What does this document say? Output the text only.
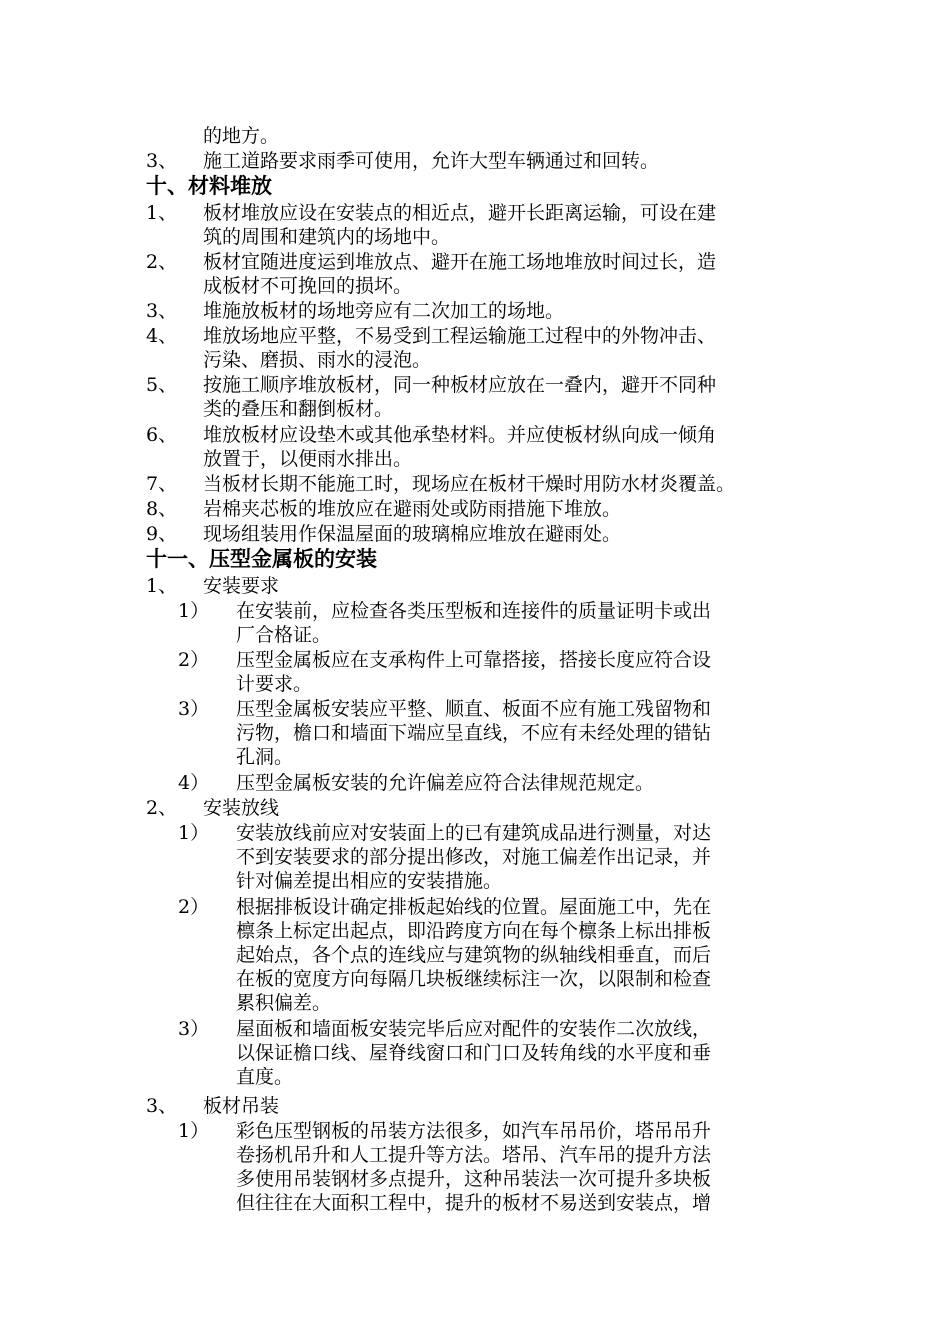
的地方。
3、 施工道路要求雨季可使用，允许大型车辆通过和回转。
十、材料堆放
1、 板材堆放应设在安装点的相近点，避开长距离运输，可设在建
筑的周围和建筑内的场地中。
2、 板材宜随进度运到堆放点、避开在施工场地堆放时间过长，造
成板材不可挽回的损坏。
3、 堆施放板材的场地旁应有二次加工的场地。
4、 堆放场地应平整，不易受到工程运输施工过程中的外物冲击、
污染、磨损、雨水的浸泡。
5、 按施工顺序堆放板材，同一种板材应放在一叠内，避开不同种
类的叠压和翻倒板材。
6、 堆放板材应设垫木或其他承垫材料。并应使板材纵向成一倾角
放置于，以便雨水排出。
7、 当板材长期不能施工时，现场应在板材干燥时用防水材炎覆盖。
8、 岩棉夹芯板的堆放应在避雨处或防雨措施下堆放。
9、 现场组装用作保温屋面的玻璃棉应堆放在避雨处。
十一、压型金属板的安装
1、 安装要求
1） 在安装前，应检查各类压型板和连接件的质量证明卡或出
厂合格证。
2） 压型金属板应在支承构件上可靠搭接，搭接长度应符合设
计要求。
3） 压型金属板安装应平整、顺直、板面不应有施工残留物和
污物，檐口和墙面下端应呈直线，不应有未经处理的错钻
孔洞。
4） 压型金属板安装的允许偏差应符合法律规范规定。
2、 安装放线
1） 安装放线前应对安装面上的已有建筑成品进行测量，对达
不到安装要求的部分提出修改，对施工偏差作出记录，并
针对偏差提出相应的安装措施。
2） 根据排板设计确定排板起始线的位置。屋面施工中，先在
檩条上标定出起点，即沿跨度方向在每个檩条上标出排板
起始点，各个点的连线应与建筑物的纵轴线相垂直，而后
在板的宽度方向每隔几块板继续标注一次，以限制和检查
累积偏差。
3） 屋面板和墙面板安装完毕后应对配件的安装作二次放线，
以保证檐口线、屋脊线窗口和门口及转角线的水平度和垂
直度。
3、 板材吊装
1） 彩色压型钢板的吊装方法很多，如汽车吊吊价，塔吊吊升
卷扬机吊升和人工提升等方法。塔吊、汽车吊的提升方法
多使用吊装钢材多点提升，这种吊装法一次可提升多块板
但往往在大面积工程中，提升的板材不易送到安装点，增
